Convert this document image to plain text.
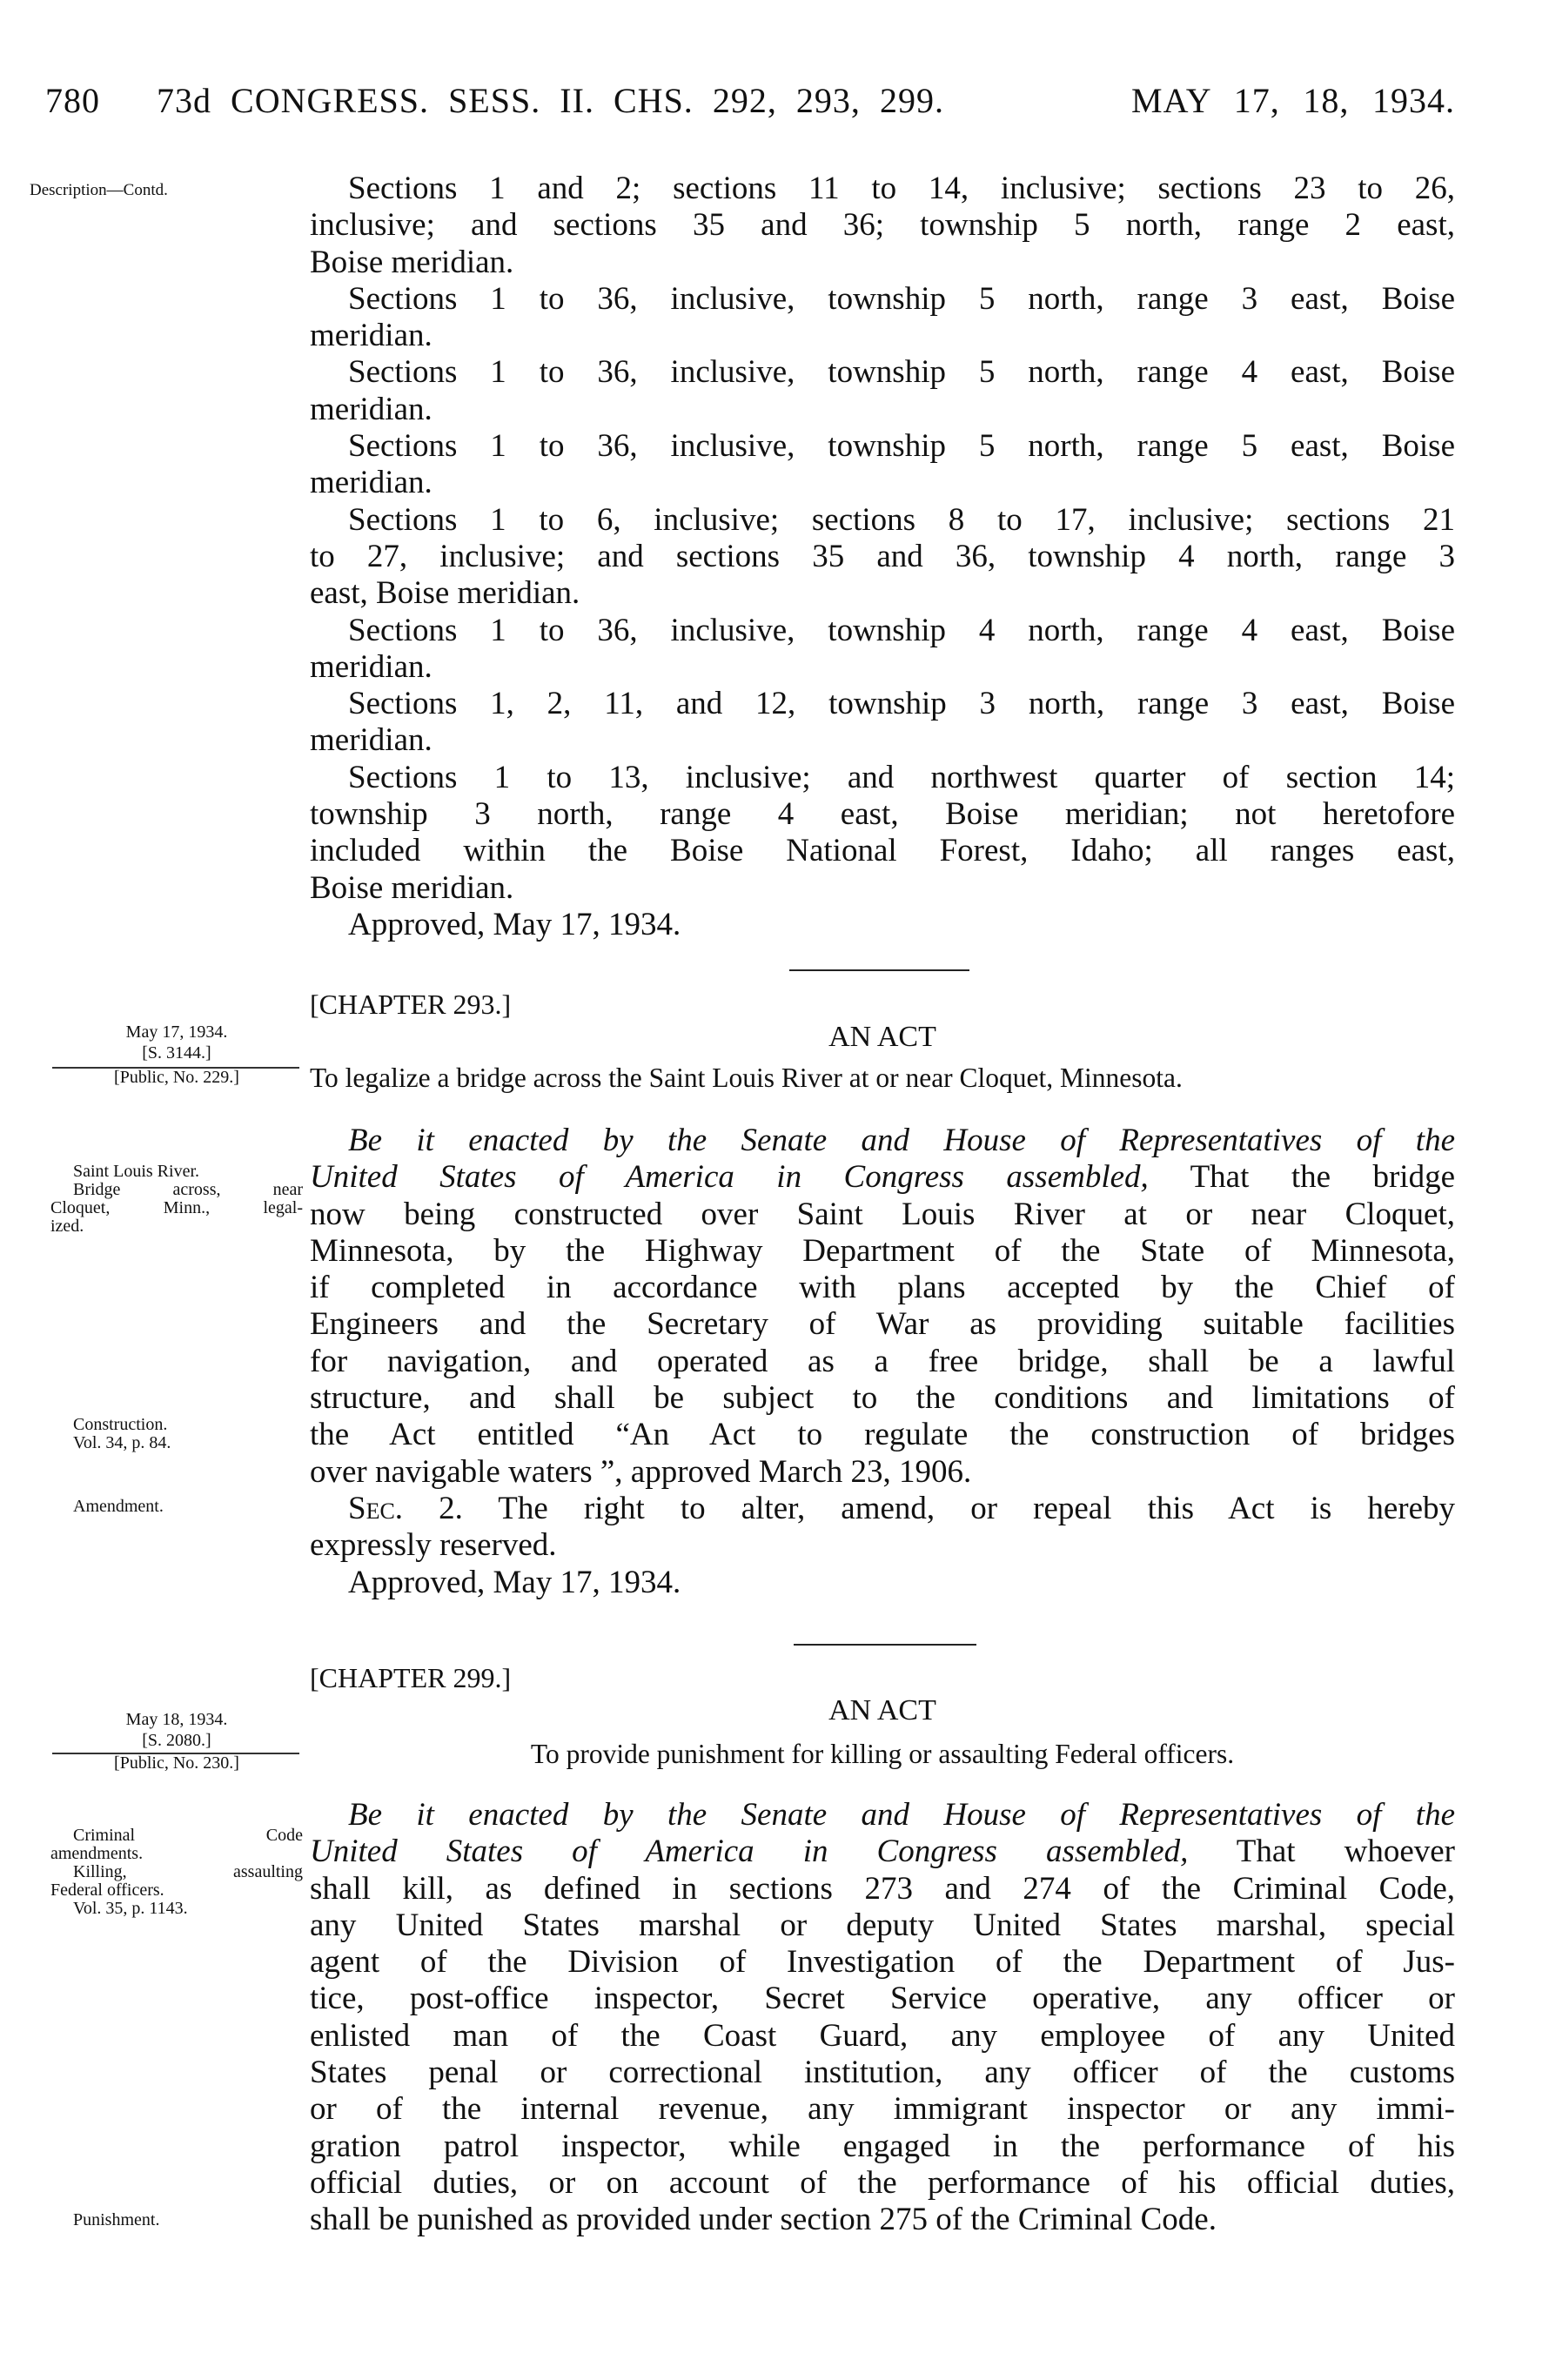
780 73d CONGRESS. SESS. II. CHS. 292, 293, 299.	MAY 17, 18, 1934.
Description—Contd.	Sections 1 and 2; sections 11 to 14, inclusive; sections 23 to 26,
inclusive; and sections 35 and 36; township 5 north, range 2 east,
Boise meridian.
Sections 1 to 36, inclusive, township 5 north, range 3 east, Boise
meridian.
Sections 1 to 36, inclusive, township 5 north, range 4 east, Boise
meridian.
Sections 1 to 36, inclusive, township 5 north, range 5 east, Boise
meridian.
Sections 1 to 6, inclusive; sections 8 to 17, inclusive; sections 21
to 27, inclusive; and sections 35 and 36, township 4 north, range 3
east, Boise meridian.
Sections 1 to 36, inclusive, township 4 north, range 4 east, Boise
meridian.
Sections 1, 2, 11, and 12, township 3 north, range 3 east, Boise
meridian.
Sections 1 to 13, inclusive; and northwest quarter of section 14;
township 3 north, range 4 east, Boise meridian; not heretofore
included within the Boise National Forest, Idaho; all ranges east,
Boise meridian.
Approved, May 17, 1934.
[CHAPTER 293.]
AN ACT
To legalize a bridge across the Saint Louis River at or near Cloquet, Minnesota.
May 17, 1934.
[S. 3144.]
[Public, No. 229.]
Saint Louis River.
Bridge across, near
Cloquet, Minn., legal-
ized.
Construction.
Vol. 34, p. 84.
Amendment.
Be it enacted by the Senate and House of Representatives of the
United States of America in Congress assembled, That the bridge
now being constructed over Saint Louis River at or near Cloquet,
Minnesota, by the Highway Department of the State of Minnesota,
if completed in accordance with plans accepted by the Chief of
Engineers and the Secretary of War as providing suitable facilities
for navigation, and operated as a free bridge, shall be a lawful
structure, and shall be subject to the conditions and limitations of
the Act entitled “An Act to regulate the construction of bridges
over navigable waters ”, approved March 23, 1906.
Sec. 2. The right to alter, amend, or repeal this Act is hereby
expressly reserved.
Approved, May 17, 1934.
[CHAPTER 299.]
AN ACT
To provide punishment for killing or assaulting Federal officers.
May 18, 1934.
[S. 2080.]
[Public, No. 230.]
Criminal Code
amendments.
Killing, assaulting
Federal officers.
Vol. 35, p. 1143.
Punishment.
Be it enacted by the Senate and House of Representatives of the
United States of America in Congress assembled, That whoever
shall kill, as defined in sections 273 and 274 of the Criminal Code,
any United States marshal or deputy United States marshal, special
agent of the Division of Investigation of the Department of Jus-
tice, post-office inspector, Secret Service operative, any officer or
enlisted man of the Coast Guard, any employee of any United
States penal or correctional institution, any officer of the customs
or of the internal revenue, any immigrant inspector or any immi-
gration patrol inspector, while engaged in the performance of his
official duties, or on account of the performance of his official duties,
shall be punished as provided under section 275 of the Criminal Code.
